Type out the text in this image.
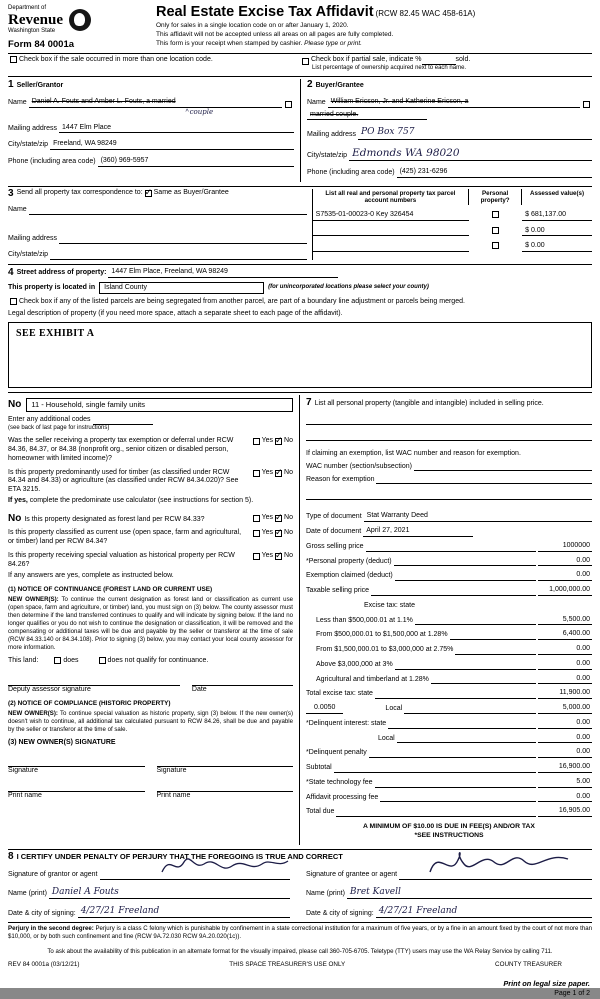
Department of
Revenue
Washington State
Form 84 0001a
Real Estate Excise Tax Affidavit (RCW 82.45 WAC 458-61A)
Only for sales in a single location code on or after January 1, 2020.
This affidavit will not be accepted unless all areas on all pages are fully completed.
This form is your receipt when stamped by cashier. Please type or print.
Check box if the sale occurred in more than one location code.	Check box if partial sale, indicate %	sold.
List percentage of ownership acquired next to each name.
1 Seller/Grantor
Name Daniel A. Fouts and Amber L. Fouts, a married
^ couple
Mailing address 1447 Elm Place
City/state/zip Freeland, WA 98249
Phone (including area code) (360) 969-5957
2 Buyer/Grantee
Name William Ericson, Jr. and Katherine Ericson, a
married couple.
Mailing address PO Box 757
City/state/zip Edmonds WA 98020
Phone (including area code) (425) 231-6296
3 Send all property tax correspondence to: ✓ Same as Buyer/Grantee
Name
Mailing address
City/state/zip
List all real and personal property tax parcel account numbers
Personal property?
Assessed value(s)
S7535-01-00023-0 Key 326454	$ 681,137.00
$ 0.00
$ 0.00
4 Street address of property: 1447 Elm Place, Freeland, WA 98249
This property is located in	Island County	(for unincorporated locations please select your county)
Check box if any of the listed parcels are being segregated from another parcel, are part of a boundary line adjustment or parcels being merged.
Legal description of property (if you need more space, attach a separate sheet to each page of the affidavit).
SEE EXHIBIT A
No	11 - Household, single family units
Enter any additional codes
(see back of last page for instructions)
Was the seller receiving a property tax exemption or deferral under RCW 84.36, 84.37, or 84.38 (nonprofit org., senior citizen or disabled person, homeowner with limited income)?
Yes ✓ No
Is this property predominantly used for timber (as classified under RCW 84.34 and 84.33) or agriculture (as classified under RCW 84.34.020)? See ETA 3215.
Yes ✓ No
If yes, complete the predominate use calculator (see instructions for section 5).
No Is this property designated as forest land per RCW 84.33?	Yes ✓ No
Is this property classified as current use (open space, farm and agricultural, or timber) land per RCW 84.34?
Yes ✓ No
Is this property receiving special valuation as historical property per RCW 84.26?
Yes ✓ No
If any answers are yes, complete as instructed below.
(1) NOTICE OF CONTINUANCE (FOREST LAND OR CURRENT USE)
NEW OWNER(S): To continue the current designation as forest land or classification as current use (open space, farm and agriculture, or timber) land, you must sign on (3) below. The county assessor must then determine if the land transferred continues to qualify and will indicate by signing below. If the land no longer qualifies or you do not wish to continue the designation or classification, it will be removed and the compensating or additional taxes will be due and payable by the seller or transferor at the time of sale (RCW 84.33.140 or 84.34.108). Prior to signing (3) below, you may contact your local county assessor for more information.
This land:	does	does not qualify for continuance.
Deputy assessor signature	Date
(2) NOTICE OF COMPLIANCE (HISTORIC PROPERTY)
NEW OWNER(S): To continue special valuation as historic property, sign (3) below. If the new owner(s) doesn't wish to continue, all additional tax calculated pursuant to RCW 84.26, shall be due and payable by the seller or transferor at the time of sale.
(3) NEW OWNER(S) SIGNATURE
Signature	Signature
Print name	Print name
7 List all personal property (tangible and intangible) included in selling price.
If claiming an exemption, list WAC number and reason for exemption.
WAC number (section/subsection)
Reason for exemption
Type of document Stat Warranty Deed
Date of document April 27, 2021
Gross selling price	1000000
*Personal property (deduct)	0.00
Exemption claimed (deduct)	0.00
Taxable selling price	1,000,000.00
Excise tax: state
Less than $500,000.01 at 1.1%	5,500.00
From $500,000.01 to $1,500,000 at 1.28%	6,400.00
From $1,500,000.01 to $3,000,000 at 2.75%	0.00
Above $3,000,000 at 3%	0.00
Agricultural and timberland at 1.28%	0.00
Total excise tax: state	11,900.00
0.0050	Local	5,000.00
*Delinquent interest: state	0.00
Local	0.00
*Delinquent penalty	0.00
Subtotal	16,900.00
*State technology fee	5.00
Affidavit processing fee	0.00
Total due	16,905.00
A MINIMUM OF $10.00 IS DUE IN FEE(S) AND/OR TAX
*SEE INSTRUCTIONS
8 I CERTIFY UNDER PENALTY OF PERJURY THAT THE FOREGOING IS TRUE AND CORRECT
Signature of grantor or agent
Name (print) Daniel A Fouts
Date & city of signing: 4/27/21 Freeland
Signature of grantee or agent
Name (print) Bret Kavell
Date & city of signing: 4/27/21 Freeland
Perjury in the second degree: Perjury is a class C felony which is punishable by confinement in a state correctional institution for a maximum of five years, or by a fine in an amount fixed by the court of not more than $10,000, or by both such confinement and fine (RCW 9A.72.030 RCW 9A.20.020(1c)).
To ask about the availability of this publication in an alternate format for the visually impaired, please call 360-705-6705. Teletype (TTY) users may use the WA Relay Service by calling 711.
REV 84 0001a (03/12/21)	THIS SPACE TREASURER'S USE ONLY	COUNTY TREASURER
Print on legal size paper.
Page 1 of 2
